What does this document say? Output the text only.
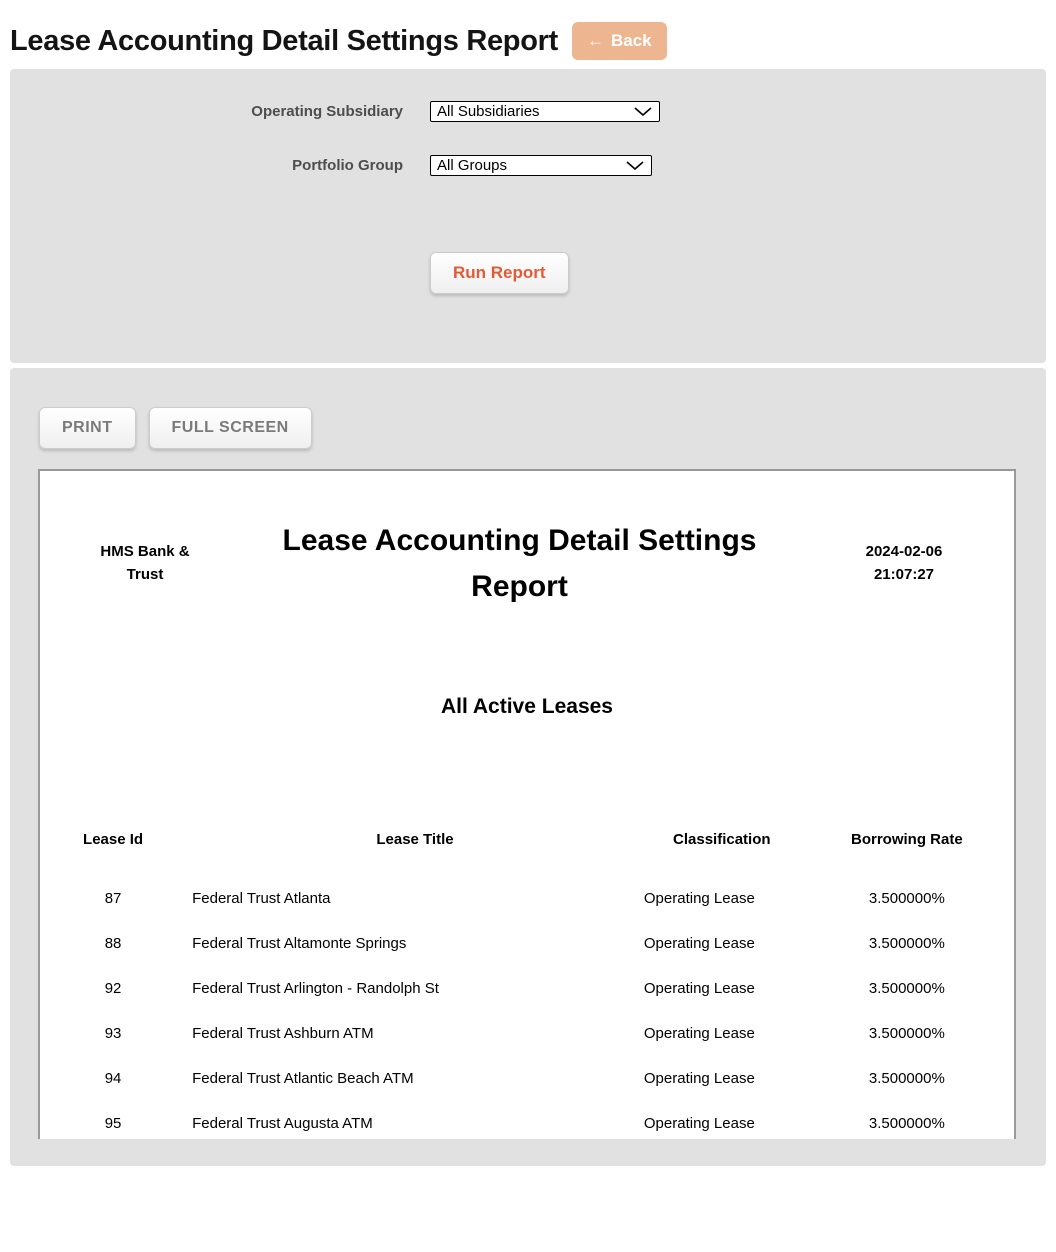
Lease Accounting Detail Settings Report ← Back
Operating Subsidiary All Subsidiaries
Portfolio Group All Groups
Run Report
PRINT	FULL SCREEN
HMS Bank & Trust
Lease Accounting Detail Settings Report
2024-02-06
21:07:27
All Active Leases
Lease Id	Lease Title	Classification	Borrowing Rate
87	Federal Trust Atlanta	Operating Lease	3.500000%
88	Federal Trust Altamonte Springs	Operating Lease	3.500000%
92	Federal Trust Arlington - Randolph St	Operating Lease	3.500000%
93	Federal Trust Ashburn ATM	Operating Lease	3.500000%
94	Federal Trust Atlantic Beach ATM	Operating Lease	3.500000%
95	Federal Trust Augusta ATM	Operating Lease	3.500000%
